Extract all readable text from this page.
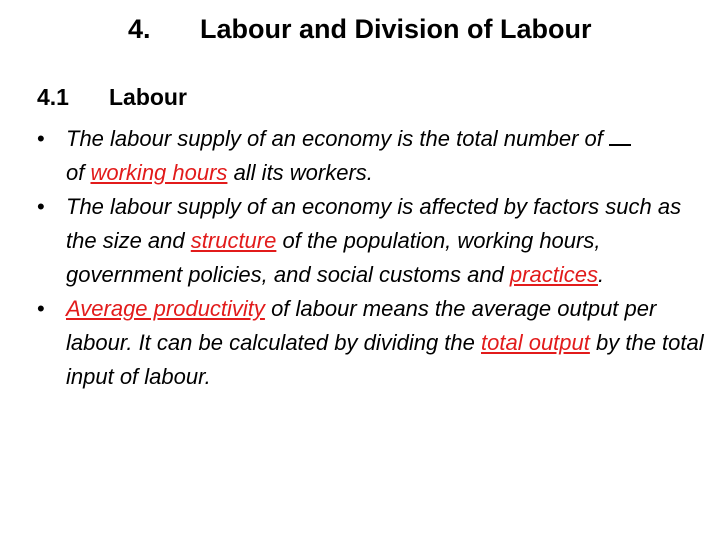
4. Labour and Division of Labour
4.1 Labour
• The labour supply of an economy is the total number of
of working hours all its workers.
• The labour supply of an economy is affected by factors such as the size and structure of the population, working hours, government policies, and social customs and practices.
• Average productivity of labour means the average output per labour. It can be calculated by dividing the total output by the total input of labour.
